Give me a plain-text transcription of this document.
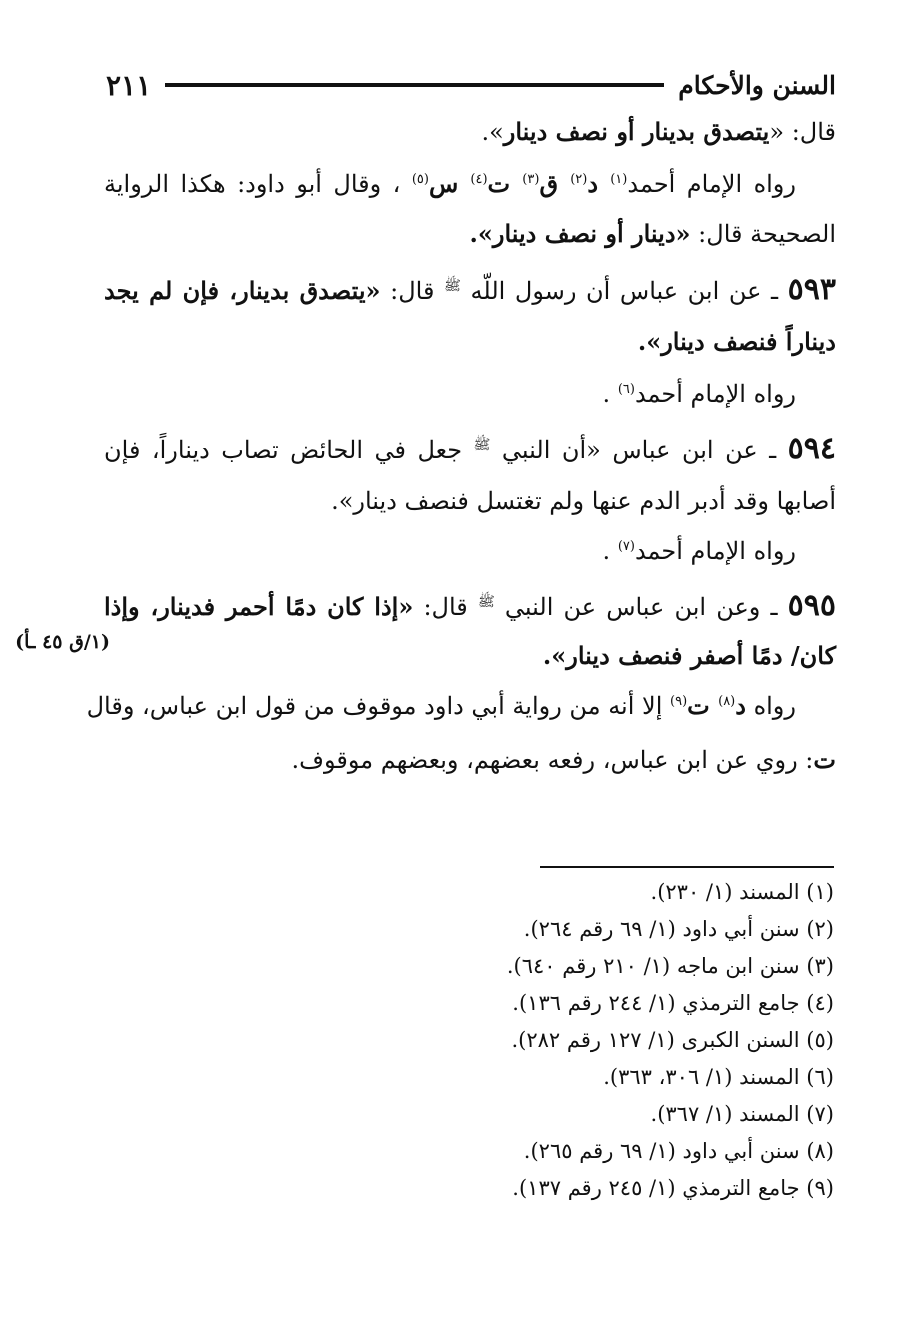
السنن والأحكام
٢١١
قال: «يتصدق بدينار أو نصف دينار».
رواه الإمام أحمد$^{(١)}$ د$^{(٢)}$ ق$^{(٣)}$ ت$^{(٤)}$ س$^{(٥)}$ ، وقال أبو داود: هكذا الرواية
الصحيحة قال: «دينار أو نصف دينار».
٥٩٣ ـ عن ابن عباس أن رسول اللّه $^ﷺ$ قال: «يتصدق بدينار، فإن لم يجد
ديناراً فنصف دينار».
رواه الإمام أحمد$^{(٦)}$ .
٥٩٤ ـ عن ابن عباس «أن النبي $^ﷺ$ جعل في الحائض تصاب ديناراً، فإن
أصابها وقد أدبر الدم عنها ولم تغتسل فنصف دينار».
رواه الإمام أحمد$^{(٧)}$ .
٥٩٥ ـ وعن ابن عباس عن النبي $^ﷺ$ قال: «إذا كان دمًا أحمر فدينار، وإذا
كان/ دمًا أصفر فنصف دينار».
(١/ق ٤٥ ـأ)
رواه د$^{(٨)}$ ت$^{(٩)}$ إلا أنه من رواية أبي داود موقوف من قول ابن عباس، وقال
ت: روي عن ابن عباس، رفعه بعضهم، وبعضهم موقوف.
(١) المسند (١/ ٢٣٠).
(٢) سنن أبي داود (١/ ٦٩ رقم ٢٦٤).
(٣) سنن ابن ماجه (١/ ٢١٠ رقم ٦٤٠).
(٤) جامع الترمذي (١/ ٢٤٤ رقم ١٣٦).
(٥) السنن الكبرى (١/ ١٢٧ رقم ٢٨٢).
(٦) المسند (١/ ٣٠٦، ٣٦٣).
(٧) المسند (١/ ٣٦٧).
(٨) سنن أبي داود (١/ ٦٩ رقم ٢٦٥).
(٩) جامع الترمذي (١/ ٢٤٥ رقم ١٣٧).
